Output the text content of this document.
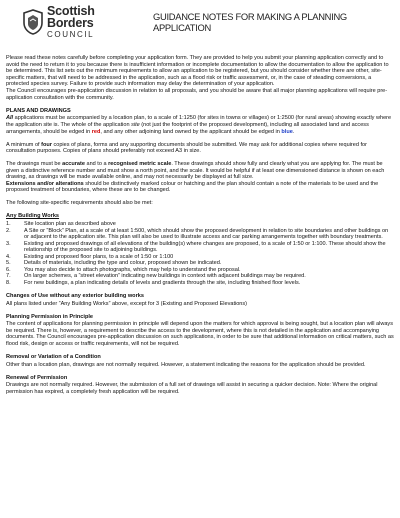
Scottish
Borders
COUNCIL
GUIDANCE NOTES FOR MAKING A PLANNING APPLICATION

Please read these notes carefully before completing your application form. They are provided to help you submit your planning application correctly and to avoid the need to return it to you because there is insufficient information or incomplete documentation to allow the documentation to allow the application to be determined. This list sets out the minimum requirements to allow an application to be registered, but you should consider whether there are other, site-specific matters, that will need to be addressed in the application, such as a flood risk or traffic assessment, or, in the case of steading conversions, a protected species survey. Failure to provide such information may delay the determination of your application.

The Council encourages pre-application discussion in relation to all proposals, and you should be aware that all major planning applications will require pre-application consultation with the community.

PLANS AND DRAWINGS

All applications must be accompanied by a location plan, to a scale of 1:1250 (for sites in towns or villages) or 1:2500 (for rural areas) showing exactly where the application site is. The whole of the application site (not just the footprint of the proposed development), including all associated land and access arrangements, should be edged in red, and any other adjoining land owned by the applicant should be edged in blue.

A minimum of four copies of plans, forms and any supporting documents should be submitted. We may ask for additional copies where required for consultation purposes. Copies of plans should preferably not exceed A3 in size.

The drawings must be accurate and to a recognised metric scale. These drawings should show fully and clearly what you are applying for. The must be given a distinctive reference number and must show a north point, and the scale. It would be helpful if at least one dimensioned distance is shown on each drawing, as drawings will be made available online, and may not necessarily be displayed at full size.

Extensions and/or alterations should be distinctively marked colour or hatching and the plan should contain a note of the materials to be used and the proposed treatment of boundaries, where these are to be changed.

The following site-specific requirements should also be met:

Any Building Works
1. Site location plan as described above
2. A Site or “Block” Plan, at a scale of at least 1:500, which should show the proposed development in relation to site boundaries and other buildings on or adjacent to the application site. This plan will also be used to illustrate access and car parking arrangements together with boundary treatments.
3. Existing and proposed drawings of all elevations of the building(s) where changes are proposed, to a scale of 1:50 or 1:100. These should show the relationship of the proposed site to adjoining buildings.
4. Existing and proposed floor plans, to a scale of 1:50 or 1:100
5. Details of materials, including the type and colour, proposed shown be indicated.
6. You may also decide to attach photographs, which may help to understand the proposal.
7. On larger schemes, a “street elevation” indicating new buildings in context with adjacent buildings may be required.
8. For new buildings, a plan indicating details of levels and gradients through the site, including finished floor levels.
Changes of Use without any exterior building works

All plans listed under “Any Building Works” above, except for 3 (Existing and Proposed Elevations)

Planning Permission in Principle

The content of applications for planning permission in principle will depend upon the matters for which approval is being sought, but a location plan will always be required. There is, however, a requirement to describe the access to the development, where this is not detailed in the application and accompanying documents. The Council encourages pre-application discussion on such applications, in order to be sure that additional information on critical matters, such as flood risk, design or access or traffic requirements, will not be required.

Removal or Variation of a Condition

Other than a location plan, drawings are not normally required. However, a statement indicating the reasons for the application should be provided.

Renewal of Permission

Drawings are not normally required. However, the submission of a full set of drawings will assist in securing a quicker decision. Note: Where the original permission has expired, a completely fresh application will be required.
